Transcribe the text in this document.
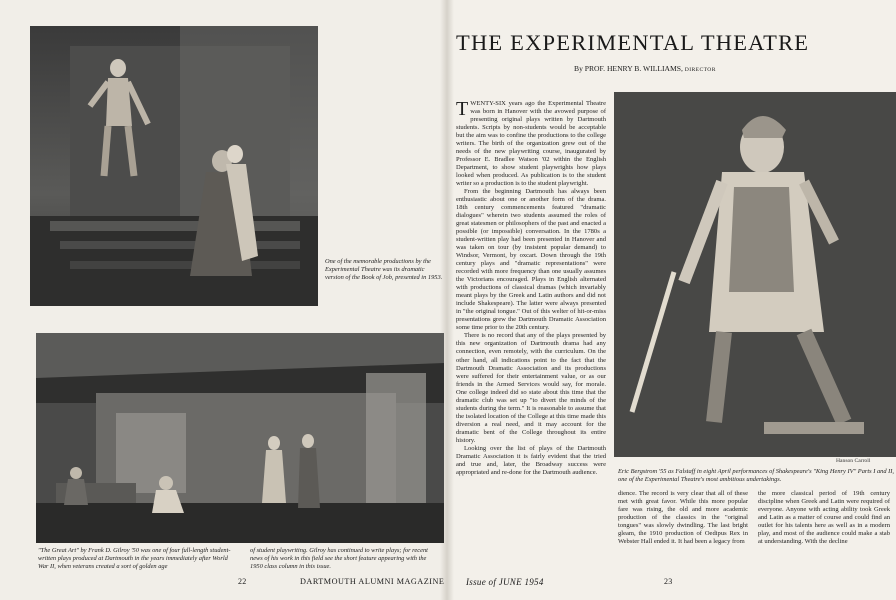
One of the memorable productions by the Experimental Theatre was its dramatic version of the Book of Job, presented in 1953.
"The Great Art" by Frank D. Gilroy '50 was one of four full-length student-written plays produced at Dartmouth in the years immediately after World War II, when veterans created a sort of golden age
of student playwriting. Gilroy has continued to write plays; for recent news of his work in this field see the short feature appearing with the 1950 class column in this issue.
Hanson Carroll
Eric Bergstrom '55 as Falstaff in eight April performances of Shakespeare's "King Henry IV" Parts I and II, one of the Experimental Theatre's most ambitious undertakings.
THE EXPERIMENTAL THEATRE
By PROF. HENRY B. WILLIAMS, DIRECTOR

TWENTY-SIX years ago the Experimental Theatre was born in Hanover with the avowed purpose of presenting original plays written by Dartmouth students. Scripts by non-students would be acceptable but the aim was to confine the productions to the college writers. The birth of the organization grew out of the needs of the new playwriting course, inaugurated by Professor E. Bradlee Watson '02 within the English Department, to show student playwrights how plays looked when produced. As publication is to the student writer so a production is to the student playwright.

From the beginning Dartmouth has always been enthusiastic about one or another form of the drama. 18th century commencements featured "dramatic dialogues" wherein two students assumed the roles of great statesmen or philosophers of the past and enacted a possible (or impossible) conversation. In the 1780s a student-written play had been presented in Hanover and was taken on tour (by insistent popular demand) to Windsor, Vermont, by oxcart. Down through the 19th century plays and "dramatic representations" were recorded with more frequency than one usually assumes the Victorians encouraged. Plays in English alternated with productions of classical dramas (which invariably meant plays by the Greek and Latin authors and did not include Shakespeare). The latter were always presented in "the original tongue." Out of this welter of hit-or-miss presentations grew the Dartmouth Dramatic Association some time prior to the 20th century.

There is no record that any of the plays presented by this new organization of Dartmouth drama had any connection, even remotely, with the curriculum. On the other hand, all indications point to the fact that the Dartmouth Dramatic Association and its productions were suffered for their entertainment value, or as our friends in the Armed Services would say, for morale. One college indeed did so state about this time that the dramatic club was set up "to divert the minds of the students during the term." It is reasonable to assume that the isolated location of the College at this time made this diversion a real need, and it may account for the dramatic bent of the College throughout its entire history.

Looking over the list of plays of the Dartmouth Dramatic Association it is fairly evident that the tried and true and, later, the Broadway success were appropriated and re-done for the Dartmouth audience.

dience. The record is very clear that all of these met with great favor. While this more popular fare was rising, the old and more academic production of the classics in the "original tongues" was slowly dwindling. The last bright gleam, the 1910 production of Oedipus Rex in Webster Hall ended it. It had been a legacy from

the more classical period of 19th century discipline when Greek and Latin were required of everyone. Anyone with acting ability took Greek and Latin as a matter of course and could find an outlet for his talents here as well as in a modern play, and most of the audience could make a stab at understanding. With the decline

22	DARTMOUTH ALUMNI MAGAZINE Issue of JUNE 1954	23
